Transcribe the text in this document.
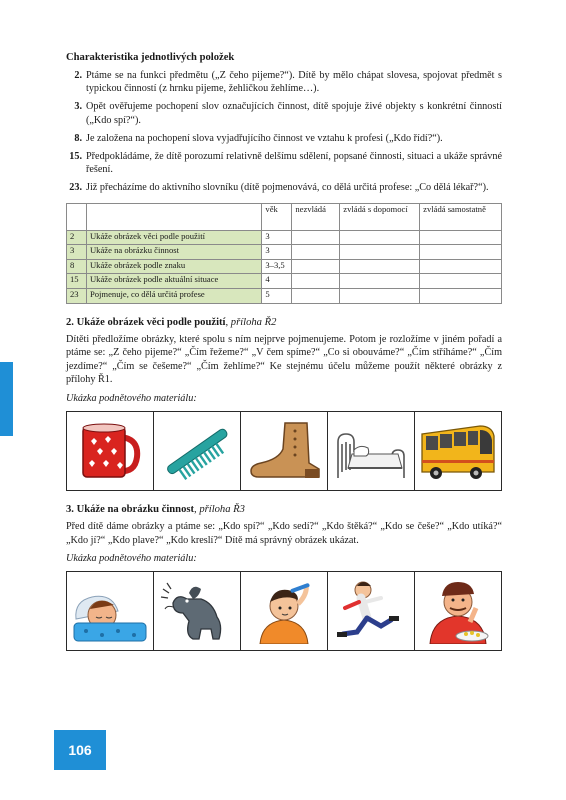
Charakteristika jednotlivých položek
2. Ptáme se na funkci předmětu („Z čeho pijeme?“). Dítě by mělo chápat slovesa, spojovat předmět s typickou činností (z hrnku pijeme, žehličkou žehlíme…).
3. Opět ověřujeme pochopení slov označujících činnost, dítě spojuje živé objekty s konkrétní činností („Kdo spí?“).
8. Je založena na pochopení slova vyjadřujícího činnost ve vztahu k profesi („Kdo řídí?“).
15. Předpokládáme, že dítě porozumí relativně delšímu sdělení, popsané činnosti, situaci a ukáže správné řešení.
23. Již přecházíme do aktivního slovníku (dítě pojmenovává, co dělá určitá profese: „Co dělá lékař?“).
		věk	nezvládá	zvládá s dopomocí	zvládá samostatně
2	Ukáže obrázek věci podle použití	3			
3	Ukáže na obrázku činnost	3			
8	Ukáže obrázek podle znaku	3–3,5			
15	Ukáže obrázek podle aktuální situace	4			
23	Pojmenuje, co dělá určitá profese	5			
2. Ukáže obrázek věci podle použití, příloha Ř2

Dítěti předložíme obrázky, které spolu s ním nejprve pojmenujeme. Potom je rozložíme v jiném pořadí a ptáme se: „Z čeho pijeme?“ „Čím řežeme?“ „V čem spíme?“ „Co si obouváme?“ „Čím stříháme?“ „Čím jezdíme?“ „Čím se češeme?“ „Čím žehlíme?“ Ke stejnému účelu můžeme použít některé obrázky z přílohy Ř1.

Ukázka podnětového materiálu:
3. Ukáže na obrázku činnost, příloha Ř3

Před dítě dáme obrázky a ptáme se: „Kdo spí?“ „Kdo sedí?“ „Kdo štěká?“ „Kdo se češe?“ „Kdo utíká?“ „Kdo jí?“ „Kdo plave?“ „Kdo kreslí?“ Dítě má správný obrázek ukázat.

Ukázka podnětového materiálu:
106
